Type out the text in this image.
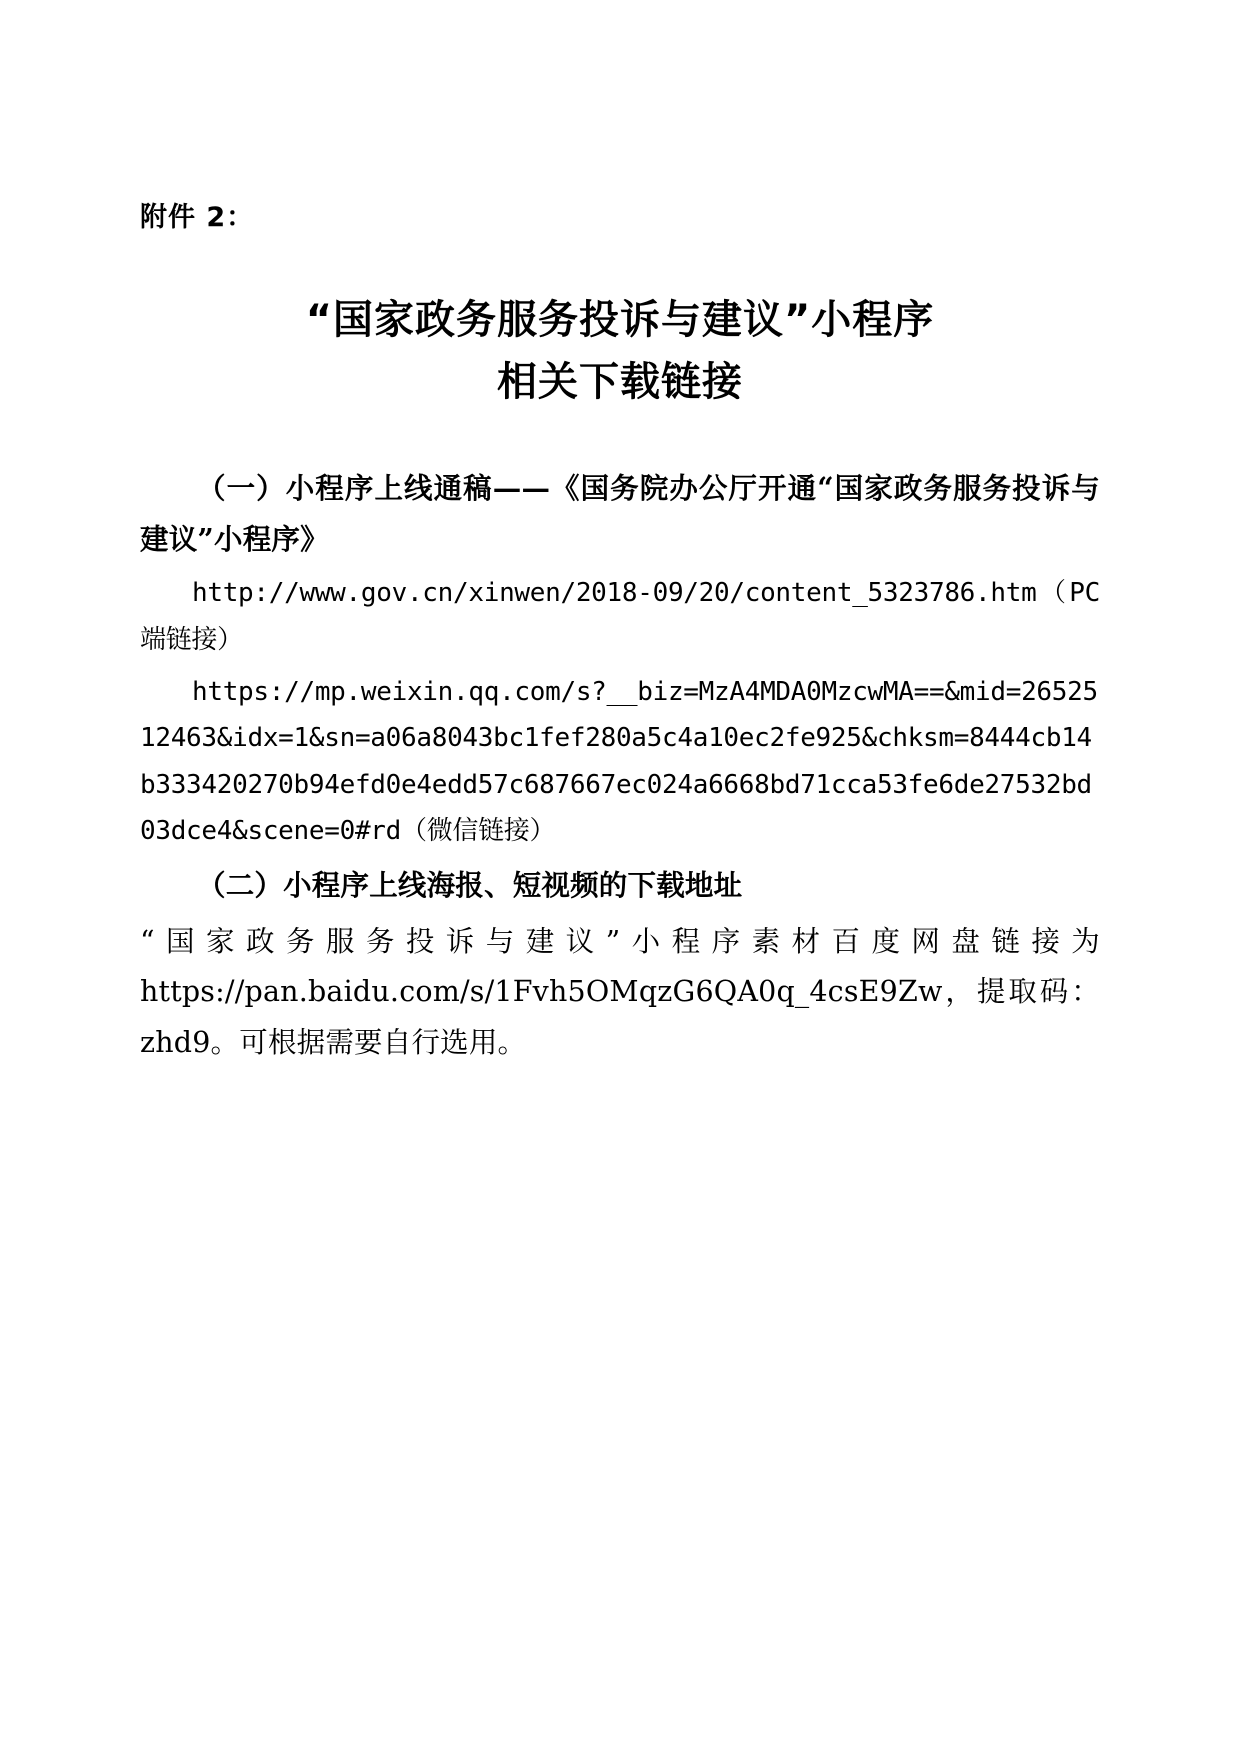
附件 2：
“国家政务服务投诉与建议”小程序
相关下载链接

（一）小程序上线通稿——《国务院办公厅开通“国家政务服务投诉与建议”小程序》

http://www.gov.cn/xinwen/2018-09/20/content_5323786.htm（PC 端链接）

https://mp.weixin.qq.com/s?__biz=MzA4MDA0MzcwMA==&mid=2652512463&idx=1&sn=a06a8043bc1fef280a5c4a10ec2fe925&chksm=8444cb14b333420270b94efd0e4edd57c687667ec024a6668bd71cca53fe6de27532bd03dce4&scene=0#rd（微信链接）

（二）小程序上线海报、短视频的下载地址

“国家政务服务投诉与建议”小程序素材百度网盘链接为 https://pan.baidu.com/s/1Fvh5OMqzG6QA0q_4csE9Zw，提取码：zhd9。可根据需要自行选用。
